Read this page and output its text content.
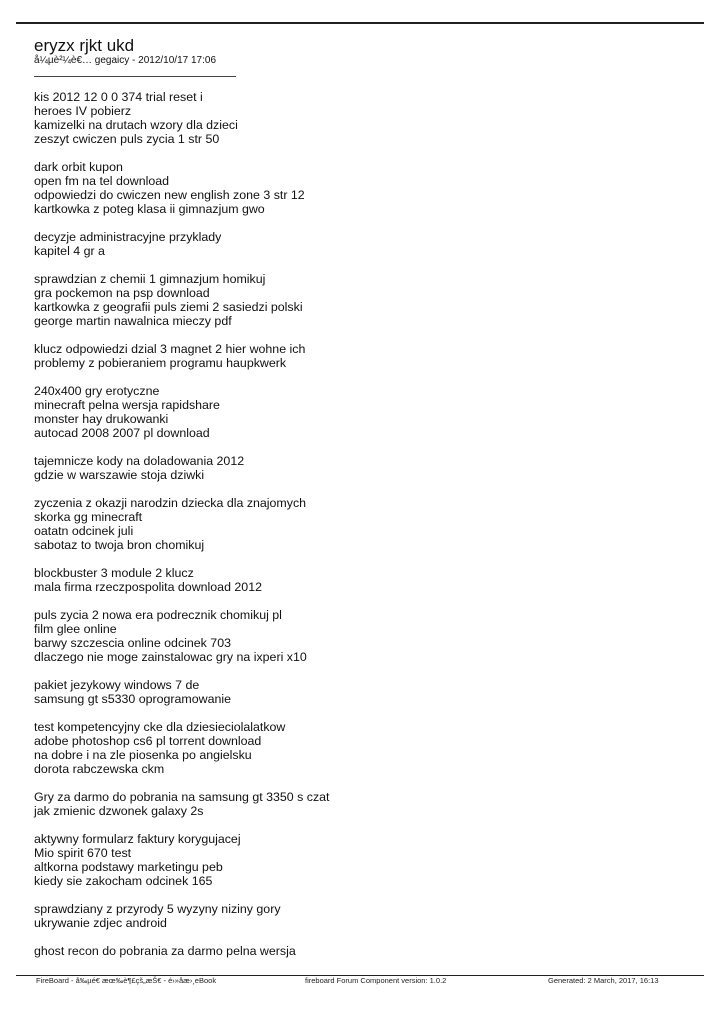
eryzx rjkt ukd
å¼µè²¼è€… gegaicy - 2012/10/17 17:06
kis 2012 12 0 0 374 trial reset i
heroes IV pobierz
kamizelki na drutach wzory dla dzieci
zeszyt cwiczen puls zycia 1 str 50
dark orbit kupon
open fm na tel download
odpowiedzi do cwiczen new english zone 3 str 12
kartkowka z poteg klasa ii gimnazjum gwo
decyzje administracyjne przyklady
kapitel 4 gr a
sprawdzian z chemii 1 gimnazjum homikuj
gra pockemon na psp download
kartkowka z geografii puls ziemi 2 sasiedzi polski
george martin nawalnica mieczy pdf
klucz odpowiedzi dzial 3 magnet 2 hier wohne ich
problemy z pobieraniem programu haupkwerk
240x400 gry erotyczne
minecraft pelna wersja rapidshare
monster hay drukowanki
autocad 2008 2007 pl download
tajemnicze kody na doladowania 2012
gdzie w warszawie stoja dziwki
zyczenia z okazji narodzin dziecka dla znajomych
skorka gg minecraft
oatatn odcinek juli
sabotaz to twoja bron chomikuj
blockbuster 3 module 2 klucz
mala firma rzeczpospolita download 2012
puls zycia 2 nowa era podrecznik chomikuj pl
film glee online
barwy szczescia online odcinek 703
dlaczego nie moge zainstalowac gry na ixperi x10
pakiet jezykowy windows 7 de
samsung gt s5330 oprogramowanie
test kompetencyjny cke dla dziesieciolalatkow
adobe photoshop cs6 pl torrent download
na dobre i na zle piosenka po angielsku
dorota rabczewska ckm
Gry za darmo do pobrania na samsung gt 3350 s czat
jak zmienic dzwonek galaxy 2s
aktywny formularz faktury korygujacej
Mio spirit 670 test
altkorna podstawy marketingu peb
kiedy sie zakocham odcinek 165
sprawdziany z przyrody 5 wyzyny niziny gory
ukrywanie zdjec android
ghost recon do pobrania za darmo pelna wersja
FireBoard - å‰µé€ æœ‰è¶£çš„æŠ€ - é›»åæ›¸eBook	fireboard Forum Component version: 1.0.2	Generated: 2 March, 2017, 16:13
